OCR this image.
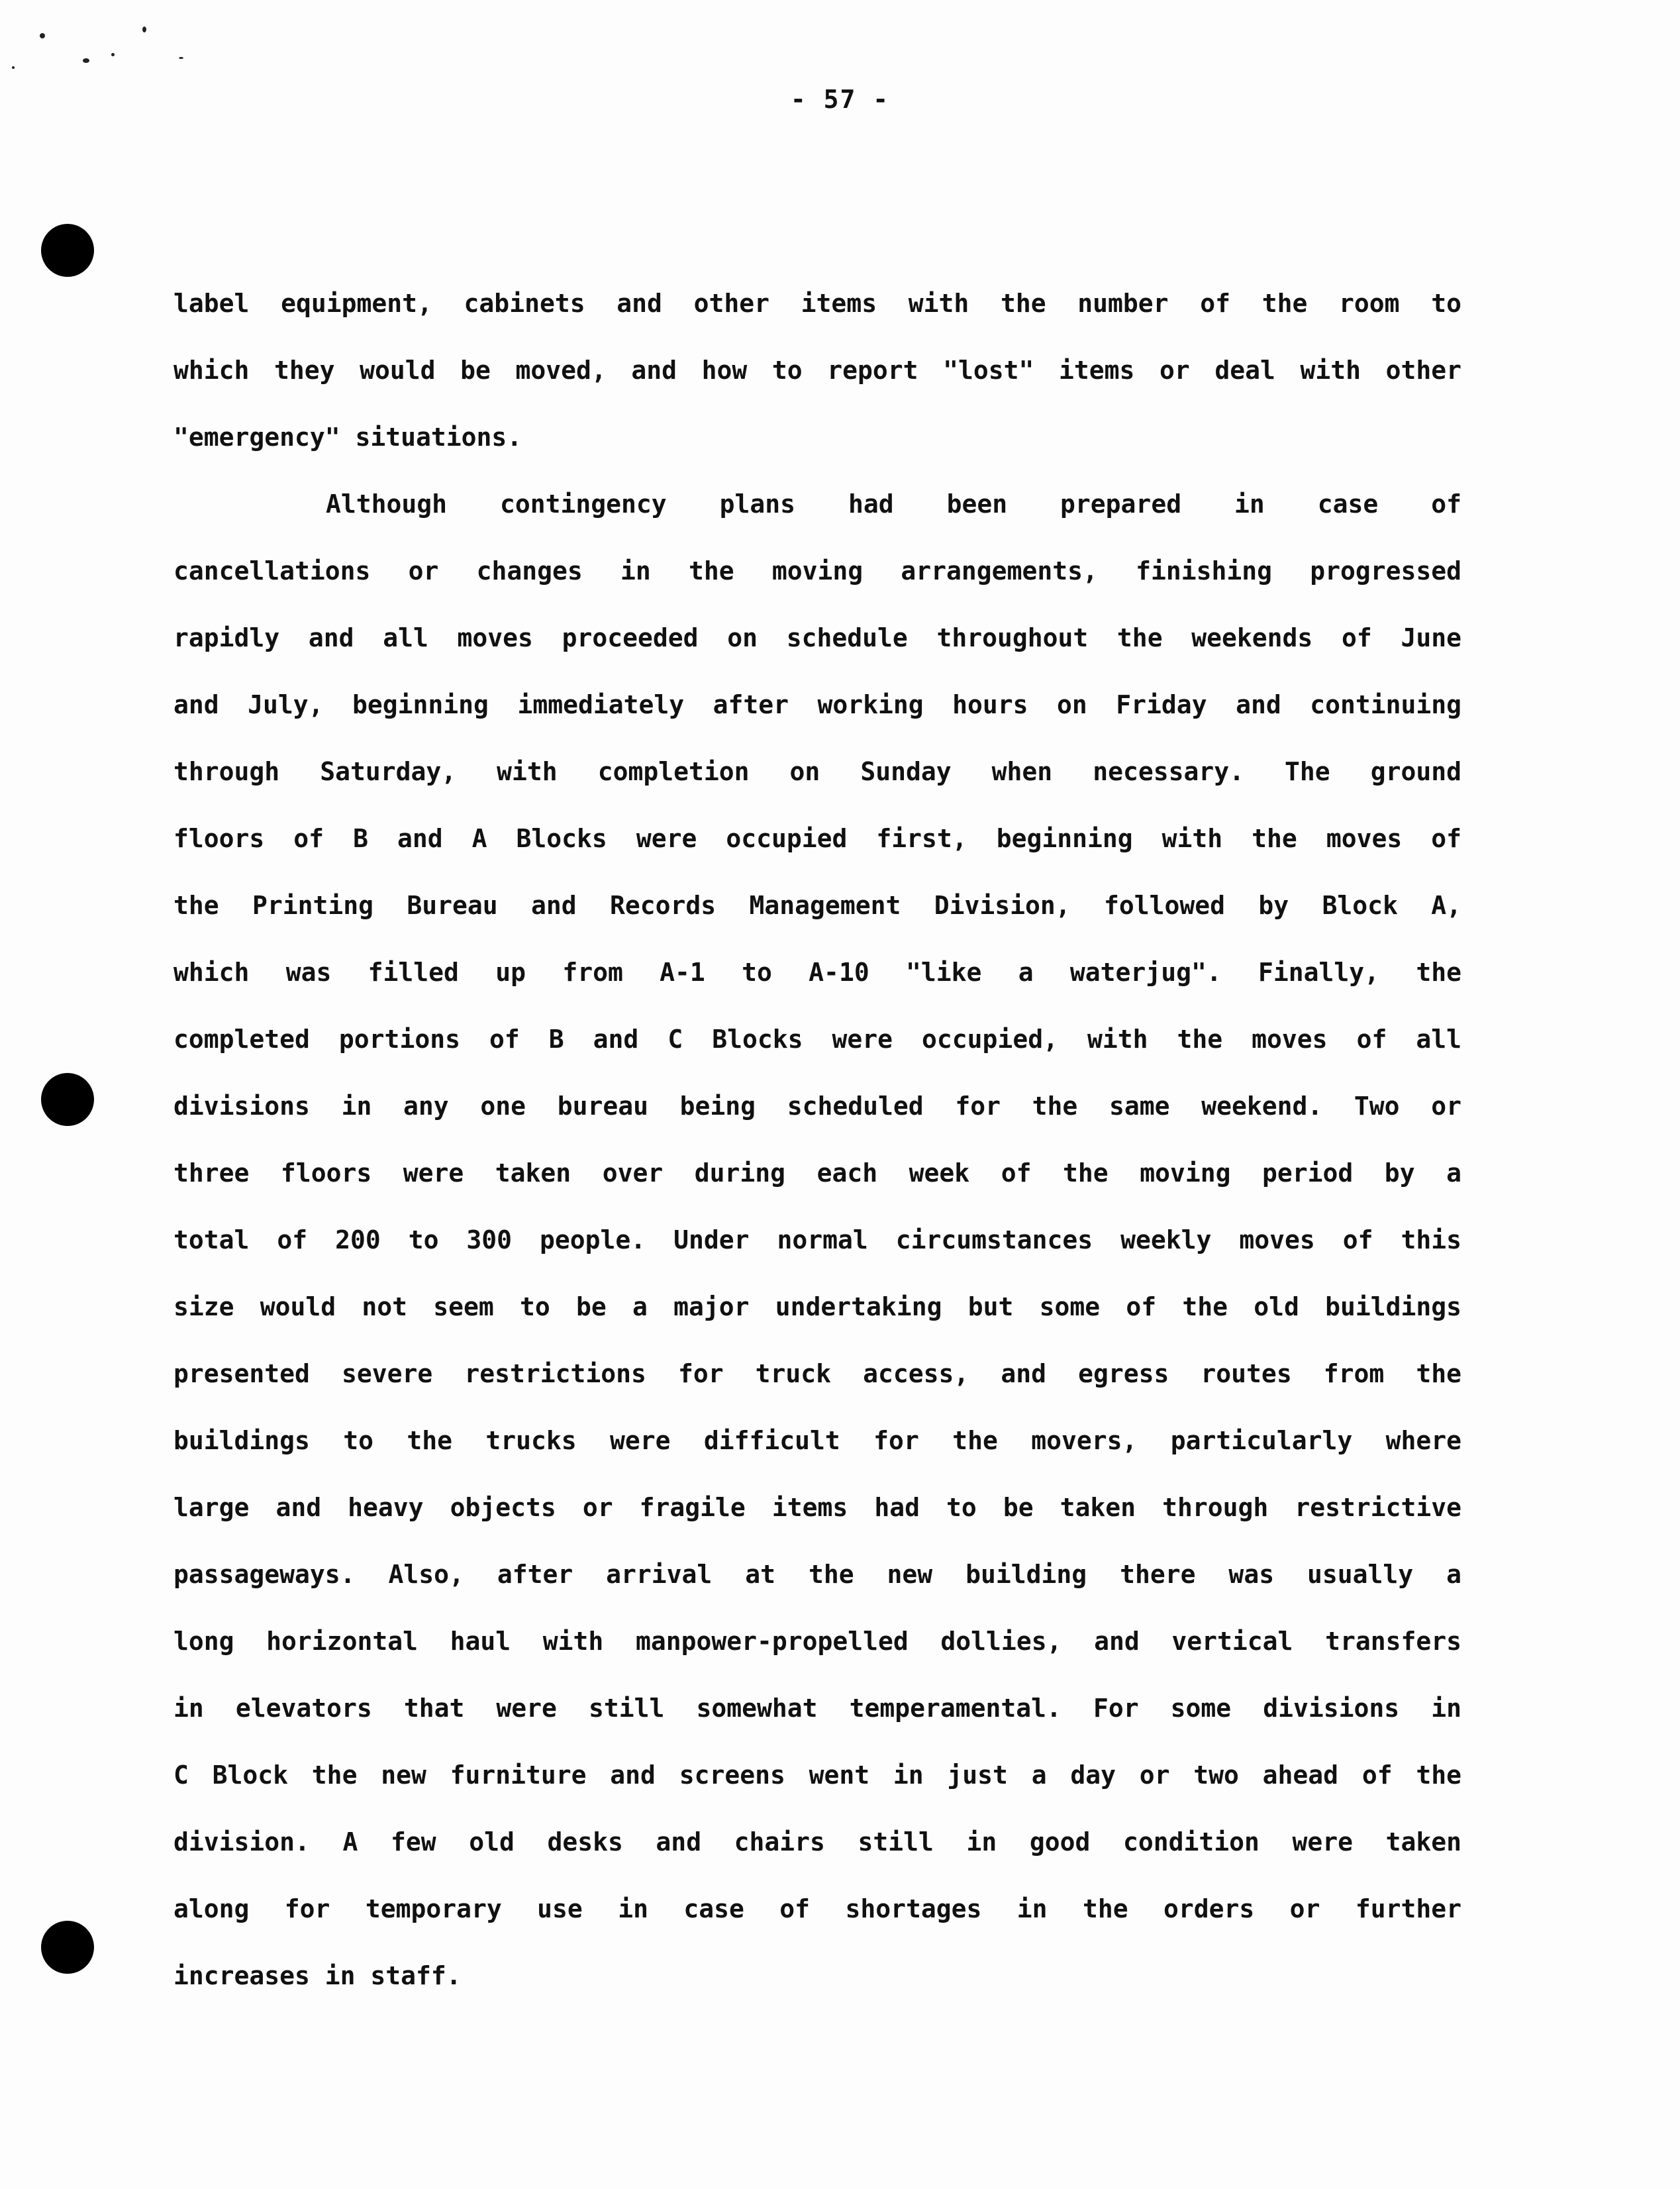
- 57 -
label equipment, cabinets and other items with the number of the room to
which they would be moved, and how to report "lost" items or deal with other
"emergency" situations.
Although contingency plans had been prepared in case of
cancellations or changes in the moving arrangements, finishing progressed
rapidly and all moves proceeded on schedule throughout the weekends of June
and July, beginning immediately after working hours on Friday and continuing
through Saturday, with completion on Sunday when necessary. The ground
floors of B and A Blocks were occupied first, beginning with the moves of
the Printing Bureau and Records Management Division, followed by Block A,
which was filled up from A-1 to A-10 "like a waterjug". Finally, the
completed portions of B and C Blocks were occupied, with the moves of all
divisions in any one bureau being scheduled for the same weekend. Two or
three floors were taken over during each week of the moving period by a
total of 200 to 300 people. Under normal circumstances weekly moves of this
size would not seem to be a major undertaking but some of the old buildings
presented severe restrictions for truck access, and egress routes from the
buildings to the trucks were difficult for the movers, particularly where
large and heavy objects or fragile items had to be taken through restrictive
passageways. Also, after arrival at the new building there was usually a
long horizontal haul with manpower-propelled dollies, and vertical transfers
in elevators that were still somewhat temperamental. For some divisions in
C Block the new furniture and screens went in just a day or two ahead of the
division. A few old desks and chairs still in good condition were taken
along for temporary use in case of shortages in the orders or further
increases in staff.
